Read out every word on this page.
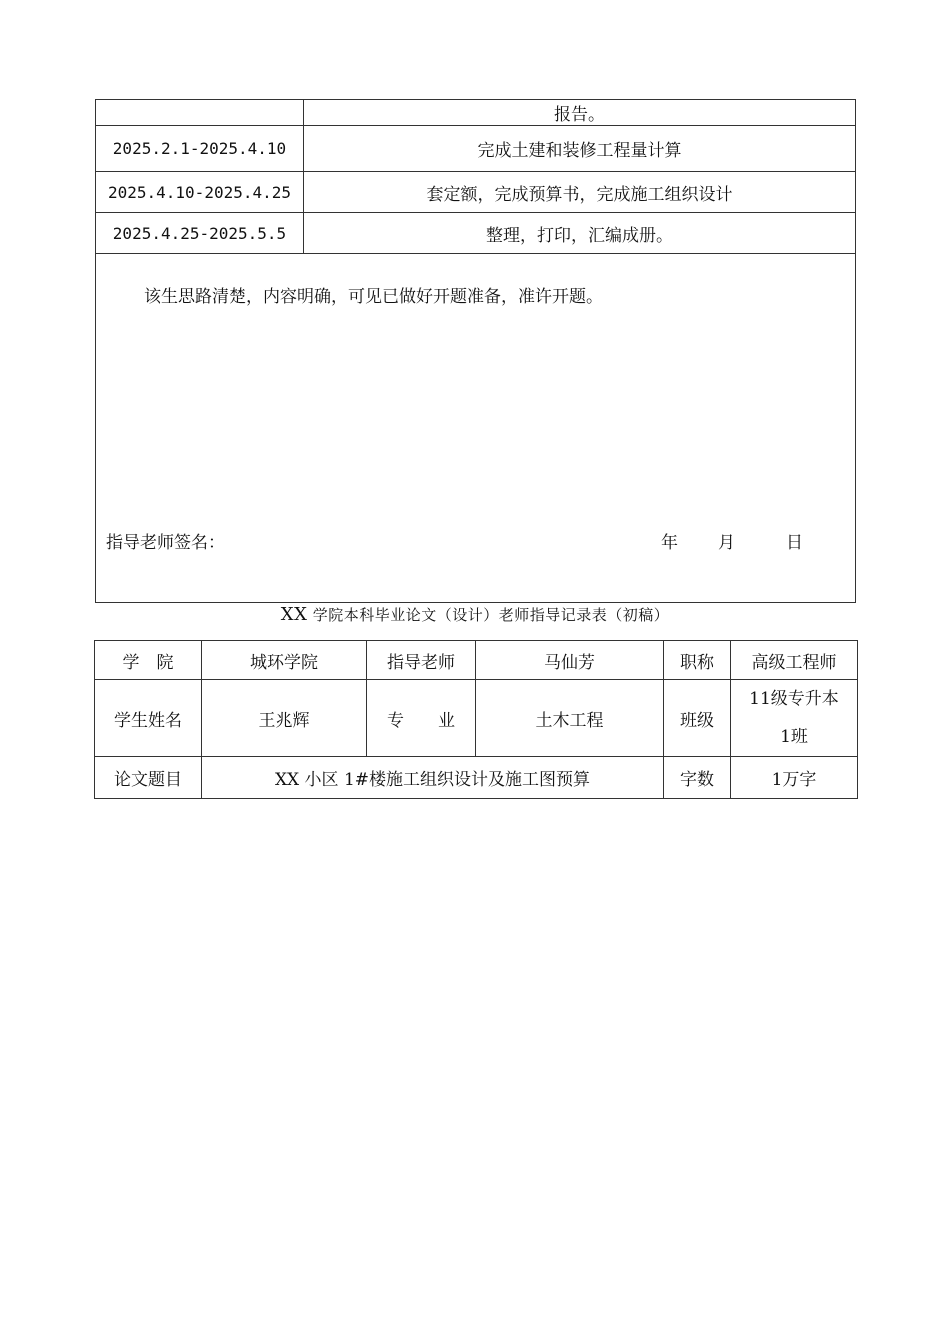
	报告。
2025.2.1-2025.4.10	完成土建和装修工程量计算
2025.4.10-2025.4.25	套定额，完成预算书，完成施工组织设计
2025.4.25-2025.5.5	整理，打印，汇编成册。

该生思路清楚，内容明确，可见已做好开题准备，准许开题。
指导老师签名： 年 月 日	
XX 学院本科毕业论文（设计）老师指导记录表（初稿）
学　院	城环学院	指导老师	马仙芳	职称	高级工程师
学生姓名	王兆辉	专　　业	土木工程	班级	11级专升本
1班

论文题目	XX 小区 1#楼施工组织设计及施工图预算			字数	1万字
